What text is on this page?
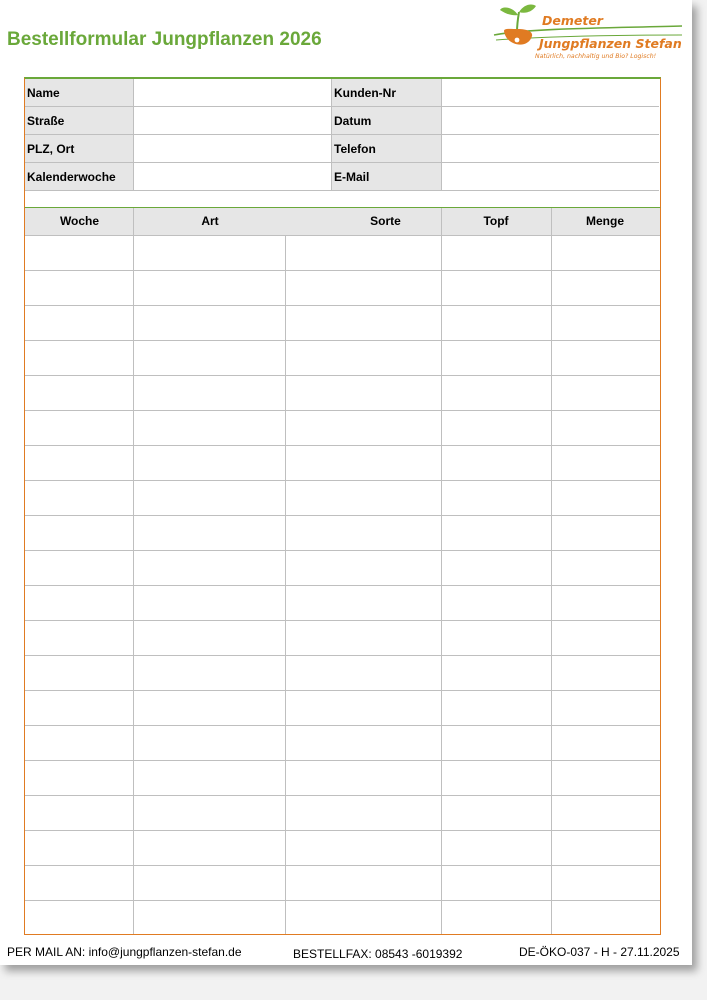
Bestellformular Jungpflanzen 2026
Demeter
Jungpflanzen Stefan
Natürlich, nachhaltig und Bio? Logisch!
Name	Kunden-Nr
Straße	Datum
PLZ, Ort	Telefon
Kalenderwoche	E-Mail
Woche	Art	Sorte	Topf	Menge
PER MAIL AN: info@jungpflanzen-stefan.de	BESTELLFAX: 08543 -6019392	DE-ÖKO-037 - H - 27.11.2025
